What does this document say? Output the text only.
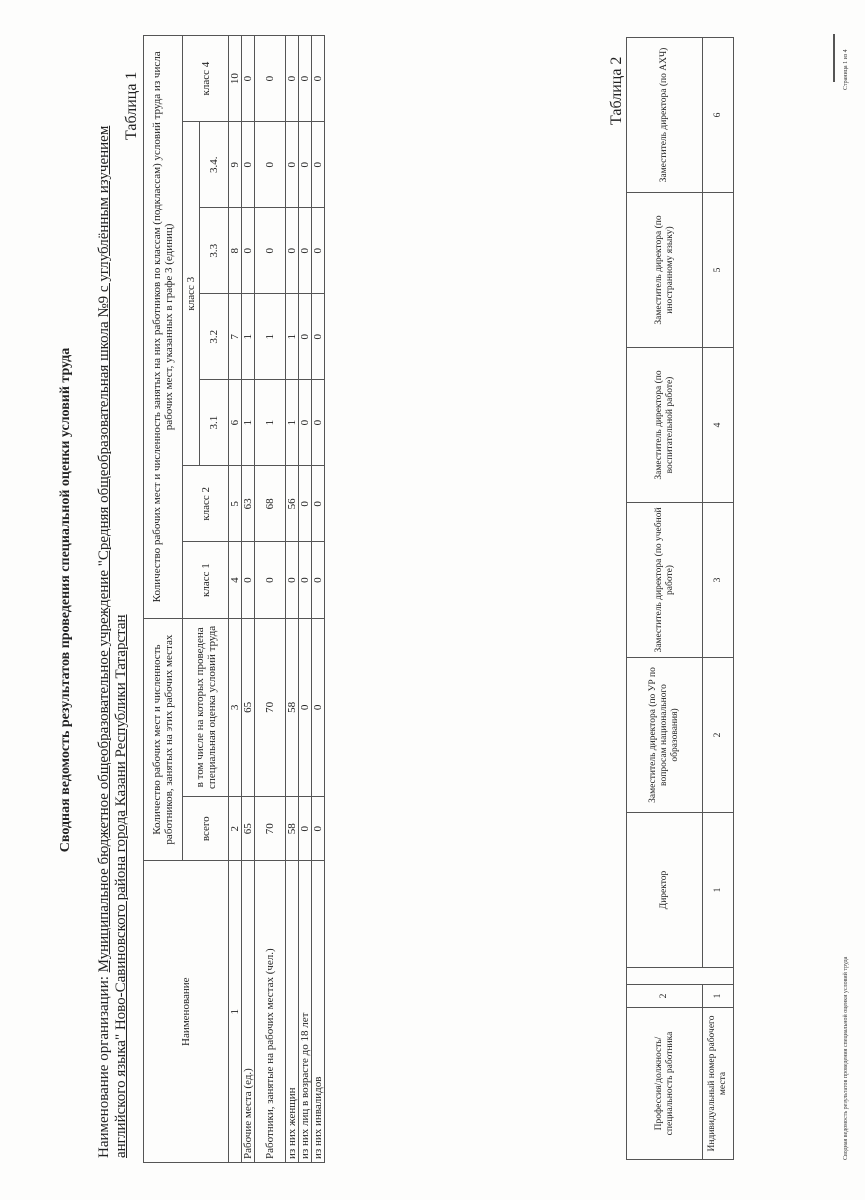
Сводная ведомость результатов проведения специальной оценки условий труда
Наименование организации: Муниципальное бюджетное общеобразовательное учреждение "Средняя общеобразовательная школа №9 с углублённым изучением английского языка" Ново-Савиновского района города Казани Республики Татарстан
Таблица 1
Наименование	Количество рабочих мест и численность работников, занятых на этих рабочих местах		Количество рабочих мест и численность занятых на них работников по классам (подклассам) условий труда из числа рабочих мест, указанных в графе 3 (единиц)						
	всего	в том числе на которых проведена специальная оценка условий труда	класс 1	класс 2	класс 3				класс 4
					3.1	3.2	3.3	3.4.	
1	2	3	4	5	6	7	8	9	10
Рабочие места (ед.)	65	65	0	63	1	1	0	0	0
Работники, занятые на рабочих местах (чел.)	70	70	0	68	1	1	0	0	0
из них женщин	58	58	0	56	1	1	0	0	0
из них лиц в возрасте до 18 лет	0	0	0	0	0	0	0	0	0
из них инвалидов	0	0	0	0	0	0	0	0	0	Таблица 2
Профессия/должность/специальность работника	2		Директор	Заместитель директора (по УР по вопросам национального образования)	Заместитель директора (по учебной работе)	Заместитель директора (по воспитательной работе)	Заместитель директора (по иностранному языку)	Заместитель директора (по АХЧ)
Индивидуальный номер рабочего места	1		1	2	3	4	5	6
Сводная ведомость результатов проведения специальной оценки условий труда
Страница 1 из 4
